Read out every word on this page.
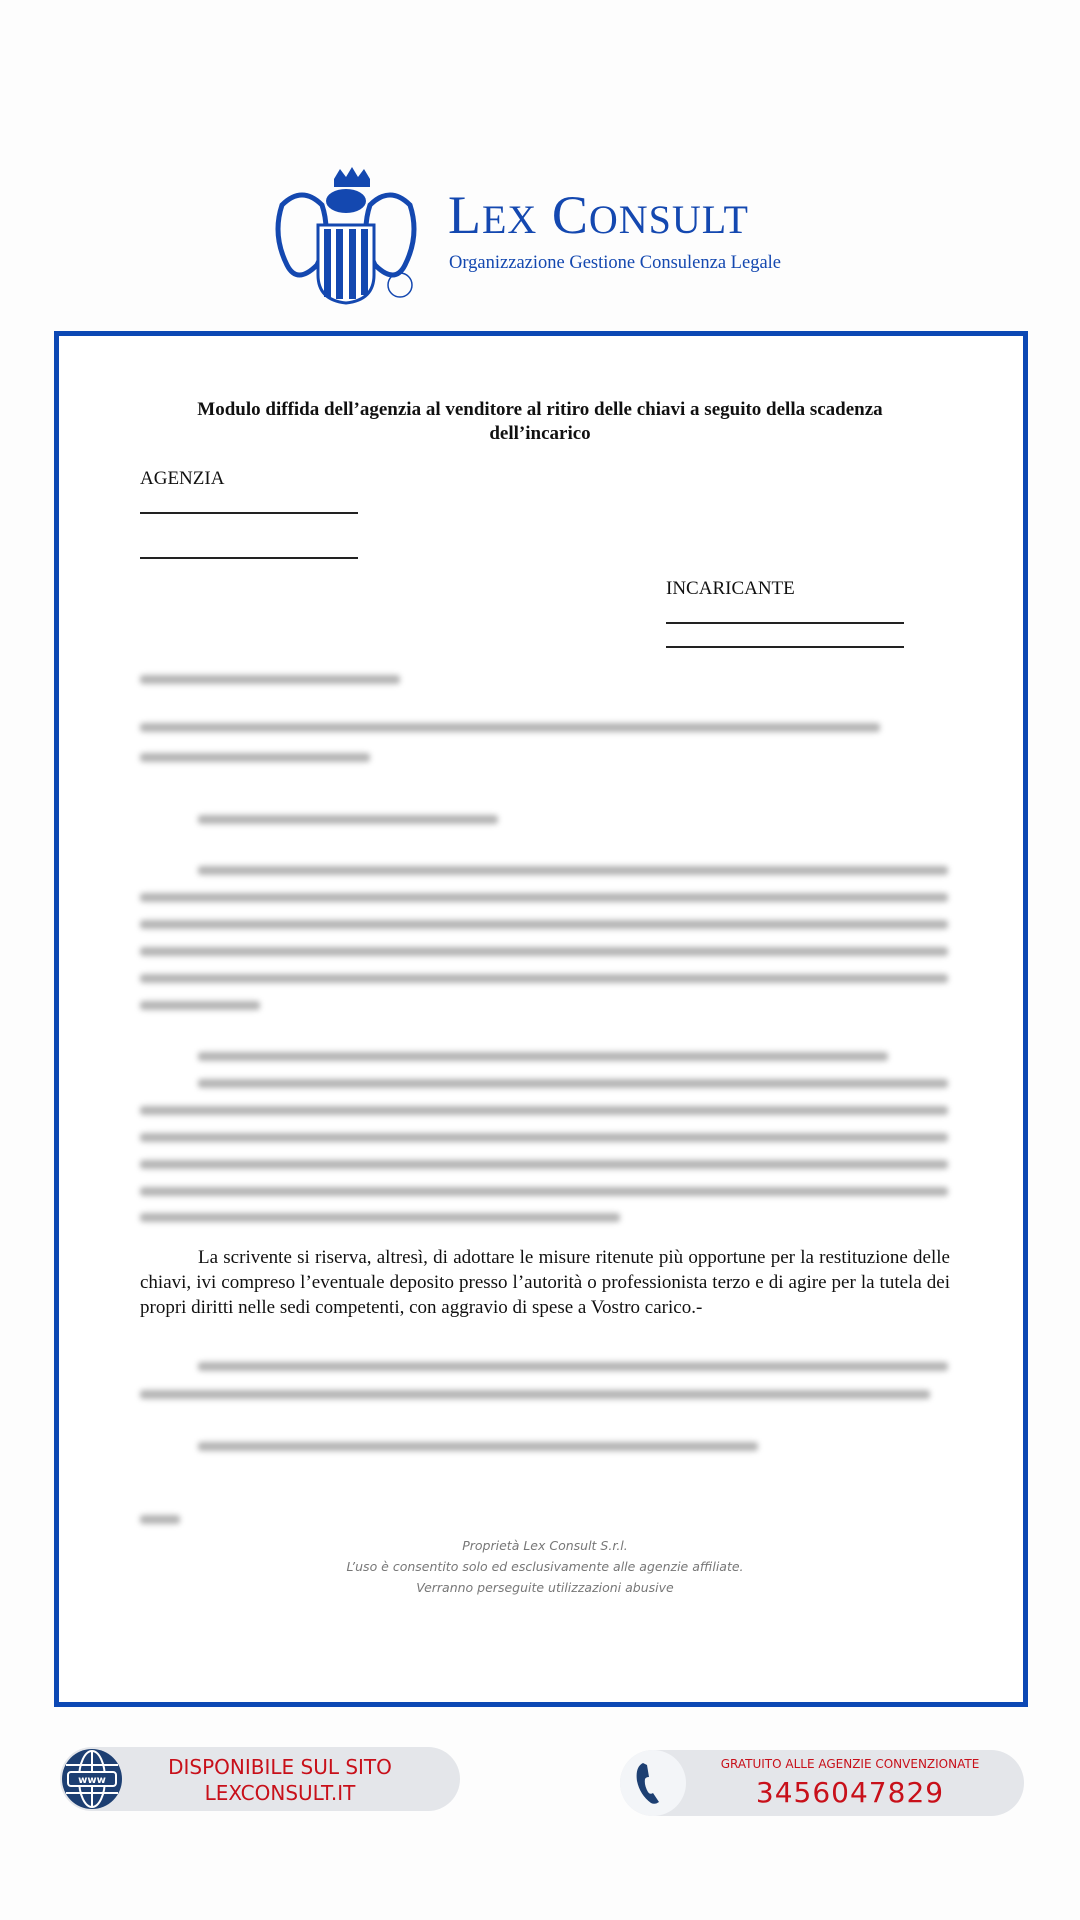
LEX CONSULT
Organizzazione Gestione Consulenza Legale
Modulo diffida dell’agenzia al venditore al ritiro delle chiavi a seguito della scadenza dell’incarico
AGENZIA
INCARICANTE
La scrivente si riserva, altresì, di adottare le misure ritenute più opportune per la restituzione delle chiavi, ivi compreso l’eventuale deposito presso l’autorità o professionista terzo e di agire per la tutela dei propri diritti nelle sedi competenti, con aggravio di spese a Vostro carico.-
Proprietà Lex Consult S.r.l.
L’uso è consentito solo ed esclusivamente alle agenzie affiliate.
Verranno perseguite utilizzazioni abusive
www
DISPONIBILE SUL SITO
LEXCONSULT.IT
GRATUITO ALLE AGENZIE CONVENZIONATE
3456047829
